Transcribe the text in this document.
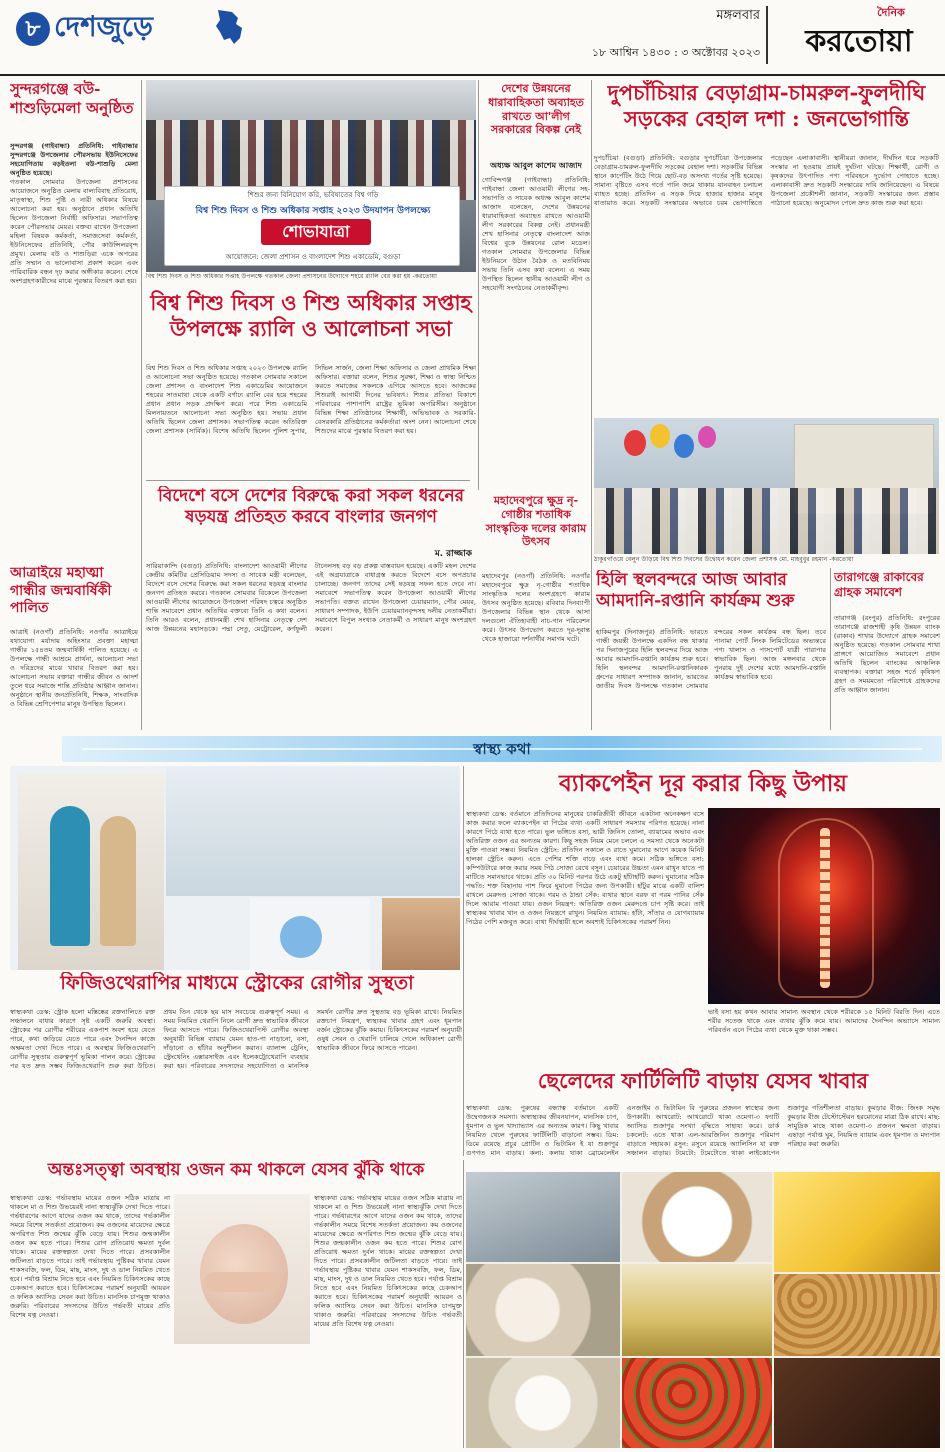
৮ দেশজুড়ে	মঙ্গলবার
১৮ আশ্বিন ১৪৩০ : ৩ অক্টোবর ২০২৩
দৈনিক
করতোয়া
সুন্দরগঞ্জে বউ-শাশুড়িমেলা অনুষ্ঠিত
সুন্দরগঞ্জ (গাইবান্ধা) প্রতিনিধি: গাইবান্ধার সুন্দরগঞ্জে উপজেলার পৌরসভায় ইউনিসেফের সহযোগিতায় বড়ইতলা বউ-শাশুড়ি মেলা অনুষ্ঠিত হয়েছে।
গতকাল সোমবার উপজেলা প্রশাসনের আয়োজনে অনুষ্ঠিত মেলায় বাল্যবিবাহ প্রতিরোধ, মাতৃস্বাস্থ্য, শিশু পুষ্টি ও নারী অধিকার বিষয়ে আলোচনা করা হয়। অনুষ্ঠানে প্রধান অতিথি ছিলেন উপজেলা নির্বাহী অফিসার। সভাপতিত্ব করেন পৌরসভার মেয়র। বক্তব্য রাখেন উপজেলা মহিলা বিষয়ক কর্মকর্তা, সমাজসেবা কর্মকর্তা, ইউনিসেফের প্রতিনিধি, পৌর কাউন্সিলরবৃন্দ প্রমুখ। মেলায় বউ ও শাশুড়িরা একে অপরের প্রতি সম্মান ও ভালোবাসা প্রকাশ করেন এবং পারিবারিক বন্ধন দৃঢ় করার অঙ্গীকার করেন। শেষে অংশগ্রহণকারীদের মাঝে পুরস্কার বিতরণ করা হয়।
আত্রাইয়ে মহাত্মা গান্ধীর জন্মবার্ষিকী পালিত
আত্রাই (নওগাঁ) প্রতিনিধি: নওগাঁর আত্রাইয়ে যথাযোগ্য মর্যাদায় অহিংসার প্রবক্তা মহাত্মা গান্ধীর ১৫৪তম জন্মবার্ষিকী পালিত হয়েছে। এ উপলক্ষে গান্ধী আশ্রমে প্রার্থনা, আলোচনা সভা ও দরিদ্রদের মাঝে খাবার বিতরণ করা হয়। আলোচনা সভায় বক্তারা গান্ধীর জীবন ও আদর্শ তুলে ধরে সমাজে শান্তি প্রতিষ্ঠার আহ্বান জানান। অনুষ্ঠানে স্থানীয় জনপ্রতিনিধি, শিক্ষক, সাংবাদিক ও বিভিন্ন শ্রেণিপেশার মানুষ উপস্থিত ছিলেন।
শিশুর জন্য বিনিয়োগ করি, ভবিষ্যতের বিশ্ব গড়ি
বিশ্ব শিশু দিবস ও শিশু অধিকার সপ্তাহ ২০২৩ উদযাপন উপলক্ষ্যে
শোভাযাত্রা
আয়োজনে: জেলা প্রশাসন ও বাংলাদেশ শিশু একাডেমি, বগুড়া
বিশ্ব শিশু দিবস ও শিশু অধিকার সপ্তাহ উপলক্ষে গতকাল জেলা প্রশাসনের উদ্যোগে শহরে র‌্যালি বের করা হয় -করতোয়া
বিশ্ব শিশু দিবস ও শিশু অধিকার সপ্তাহ উপলক্ষে র‌্যালি ও আলোচনা সভা
বিশ্ব শিশু দিবস ও শিশু অধিকার সপ্তাহ ২০২৩ উপলক্ষে র‌্যালি ও আলোচনা সভা অনুষ্ঠিত হয়েছে। গতকাল সোমবার সকালে জেলা প্রশাসন ও বাংলাদেশ শিশু একাডেমির আয়োজনে শহরের সাতমাথা থেকে একটি বর্ণাঢ্য র‌্যালি বের হয়ে শহরের প্রধান প্রধান সড়ক প্রদক্ষিণ করে। পরে শিশু একাডেমি মিলনায়তনে আলোচনা সভা অনুষ্ঠিত হয়। সভায় প্রধান অতিথি ছিলেন জেলা প্রশাসক। সভাপতিত্ব করেন অতিরিক্ত জেলা প্রশাসক (সার্বিক)। বিশেষ অতিথি ছিলেন পুলিশ সুপার, সিভিল সার্জন, জেলা শিক্ষা অফিসার ও জেলা প্রাথমিক শিক্ষা অফিসার। বক্তারা বলেন, শিশুর সুরক্ষা, শিক্ষা ও স্বাস্থ্য নিশ্চিত করতে সমাজের সকলকে এগিয়ে আসতে হবে। আজকের শিশুরাই আগামী দিনের ভবিষ্যৎ। শিশুর প্রতিভা বিকাশে পরিবারের পাশাপাশি রাষ্ট্রের ভূমিকা অপরিসীম। অনুষ্ঠানে বিভিন্ন শিক্ষা প্রতিষ্ঠানের শিক্ষার্থী, অভিভাবক ও সরকারি-বেসরকারি প্রতিষ্ঠানের কর্মকর্তারা অংশ নেন। আলোচনা শেষে শিশুদের মাঝে পুরস্কার বিতরণ করা হয়।
দেশের উন্নয়নের ধারাবাহিকতা অব্যাহত রাখতে আ'লীগ সরকারের বিকল্প নেই
অধ্যক্ষ আবুল কাশেম আজাদ
গোবিন্দগঞ্জ (গাইবান্ধা) প্রতিনিধি: গাইবান্ধা জেলা আওয়ামী লীগের সহ-সভাপতি ও সাবেক অধ্যক্ষ আবুল কাশেম আজাদ বলেছেন, দেশের উন্নয়নের ধারাবাহিকতা অব্যাহত রাখতে আওয়ামী লীগ সরকারের বিকল্প নেই। প্রধানমন্ত্রী শেখ হাসিনার নেতৃত্বে বাংলাদেশ আজ বিশ্বের বুকে উন্নয়নের রোল মডেল। গতকাল সোমবার উপজেলার বিভিন্ন ইউনিয়নে উঠান বৈঠক ও মতবিনিময় সভায় তিনি এসব কথা বলেন। এ সময় উপস্থিত ছিলেন স্থানীয় আওয়ামী লীগ ও সহযোগী সংগঠনের নেতাকর্মীবৃন্দ।
দুপচাঁচিয়ার বেড়াগ্রাম-চামরুল-ফুলদীঘি সড়কের বেহাল দশা : জনভোগান্তি
দুপচাঁচিয়া (বগুড়া) প্রতিনিধি: বগুড়ার দুপচাঁচিয়া উপজেলার বেড়াগ্রাম-চামরুল-ফুলদীঘি সড়কের বেহাল দশা। সড়কটির বিভিন্ন স্থানে কার্পেটিং উঠে গিয়ে ছোট-বড় অসংখ্য গর্তের সৃষ্টি হয়েছে। সামান্য বৃষ্টিতে এসব গর্তে পানি জমে থাকায় যানবাহন চলাচল ব্যাহত হচ্ছে। প্রতিদিন এ সড়ক দিয়ে হাজার হাজার মানুষ যাতায়াত করে। সড়কটি সংস্কারের অভাবে চরম ভোগান্তিতে পড়েছেন এলাকাবাসী। স্থানীয়রা জানান, দীর্ঘদিন ধরে সড়কটি সংস্কার না হওয়ায় প্রায়ই দুর্ঘটনা ঘটছে। শিক্ষার্থী, রোগী ও কৃষকদের উৎপাদিত পণ্য পরিবহনে দুর্ভোগ পোহাতে হচ্ছে। এলাকাবাসী দ্রুত সড়কটি সংস্কারের দাবি জানিয়েছেন। এ বিষয়ে উপজেলা প্রকৌশলী জানান, সড়কটি সংস্কারের জন্য প্রস্তাব পাঠানো হয়েছে। অনুমোদন পেলে দ্রুত কাজ শুরু করা হবে।
ঠাকুরগাঁওয়ে বেলুন উড়িয়ে বিশ্ব শিশু দিবসের উদ্বোধন করেন জেলা প্রশাসক মো. মাহবুবুর রহমান -করতোয়া
মহাদেবপুরে ক্ষুদ্র নৃ-গোষ্ঠীর শতাধিক সাংস্কৃতিক দলের কারাম উৎসব
মহাদেবপুর (নওগাঁ) প্রতিনিধি: নওগাঁর মহাদেবপুরে ক্ষুদ্র নৃ-গোষ্ঠীর শতাধিক সাংস্কৃতিক দলের অংশগ্রহণে কারাম উৎসব অনুষ্ঠিত হয়েছে। রবিবার দিনব্যাপী উপজেলার বিভিন্ন স্থান থেকে আসা দলগুলো ঐতিহ্যবাহী নাচ-গান পরিবেশন করে। উৎসব উপভোগ করতে দূর-দূরান্ত থেকে হাজারো দর্শনার্থীর সমাগম ঘটে।
বিদেশে বসে দেশের বিরুদ্ধে করা সকল ধরনের ষড়যন্ত্র প্রতিহত করবে বাংলার জনগণ
ম. রাজ্জাক
সারিয়াকান্দি (বগুড়া) প্রতিনিধি: বাংলাদেশ আওয়ামী লীগের কেন্দ্রীয় কমিটির প্রেসিডিয়াম সদস্য ও সাবেক মন্ত্রী বলেছেন, বিদেশে বসে দেশের বিরুদ্ধে করা সকল ধরনের ষড়যন্ত্র বাংলার জনগণ প্রতিহত করবে। গতকাল সোমবার বিকেলে উপজেলা আওয়ামী লীগের আয়োজনে উপজেলা পরিষদ চত্বরে অনুষ্ঠিত শান্তি সমাবেশে প্রধান অতিথির বক্তব্যে তিনি এ কথা বলেন। তিনি আরও বলেন, প্রধানমন্ত্রী শেখ হাসিনার নেতৃত্বে দেশ আজ উন্নয়নের মহাসড়কে। পদ্মা সেতু, মেট্রোরেল, কর্ণফুলী টানেলসহ বড় বড় প্রকল্প বাস্তবায়ন হয়েছে। একটি মহল দেশের এই অগ্রযাত্রাকে বাধাগ্রস্ত করতে বিদেশে বসে অপপ্রচার চালাচ্ছে। জনগণ তাদের সেই ষড়যন্ত্র সফল হতে দেবে না। সমাবেশে সভাপতিত্ব করেন উপজেলা আওয়ামী লীগের সভাপতি। বক্তব্য রাখেন উপজেলা চেয়ারম্যান, পৌর মেয়র, সাধারণ সম্পাদক, ইউপি চেয়ারম্যানবৃন্দসহ দলীয় নেতাকর্মীরা। সমাবেশে বিপুল সংখ্যক নেতাকর্মী ও সাধারণ মানুষ অংশগ্রহণ করেন।
হিলি স্থলবন্দরে আজ আবার আমদানি-রপ্তানি কার্যক্রম শুরু
হাকিমপুর (দিনাজপুর) প্রতিনিধি: ভারতে গান্ধী জয়ন্তী উপলক্ষে একদিন বন্ধ থাকার পর দিনাজপুরের হিলি স্থলবন্দর দিয়ে আজ আবার আমদানি-রপ্তানি কার্যক্রম শুরু হবে। হিলি স্থলবন্দর আমদানি-রপ্তানিকারক গ্রুপের সাধারণ সম্পাদক জানান, ভারতের জাতীয় দিবস উপলক্ষে গতকাল সোমবার বন্দরের সকল কার্যক্রম বন্ধ ছিল। তবে পানামা পোর্ট লিংক লিমিটেডের অভ্যন্তরে পণ্য খালাস ও পাসপোর্ট যাত্রী পারাপার স্বাভাবিক ছিল। আজ মঙ্গলবার থেকে পুনরায় দুই দেশের মধ্যে আমদানি-রপ্তানি কার্যক্রম স্বাভাবিক হবে।
তারাগঞ্জে রাকাবের গ্রাহক সমাবেশ
তারাগঞ্জ (রংপুর) প্রতিনিধি: রংপুরের তারাগঞ্জে রাজশাহী কৃষি উন্নয়ন ব্যাংক (রাকাব) শাখার উদ্যোগে গ্রাহক সমাবেশ অনুষ্ঠিত হয়েছে। গতকাল সোমবার শাখা প্রাঙ্গণে আয়োজিত সমাবেশে প্রধান অতিথি ছিলেন ব্যাংকের আঞ্চলিক ব্যবস্থাপক। বক্তারা সহজ শর্তে কৃষিঋণ গ্রহণ ও সময়মতো পরিশোধে গ্রাহকদের প্রতি আহ্বান জানান।
স্বাস্থ্য কথা
ব্যাকপেইন দূর করার কিছু উপায়
স্বাস্থ্যকথা ডেস্ক: বর্তমানে প্রতিদিনের মানুষের চাকরিজীবী জীবনে একটানা অনেকক্ষণ বসে কাজ করার ফলে ব্যাকপেইন বা পিঠের ব্যথা একটি সাধারণ সমস্যায় পরিণত হয়েছে। নানা কারণে পিঠে ব্যথা হতে পারে। ভুল ভঙ্গিতে বসা, ভারী জিনিস তোলা, ব্যায়ামের অভাব এবং অতিরিক্ত ওজন এর অন্যতম কারণ। কিছু সহজ নিয়ম মেনে চললে এ সমস্যা থেকে অনেকটা মুক্তি পাওয়া সম্ভব। নিয়মিত স্ট্রেচিং: প্রতিদিন সকালে ও রাতে ঘুমানোর আগে কয়েক মিনিট হালকা স্ট্রেচিং করুন। এতে পেশির শক্তি বাড়ে এবং ব্যথা কমে। সঠিক ভঙ্গিতে বসা: কম্পিউটারে কাজ করার সময় পিঠ সোজা রেখে বসুন। চেয়ারের উচ্চতা এমন রাখুন যাতে পা মাটিতে সমানভাবে থাকে। প্রতি ৩০ মিনিট পরপর উঠে একটু হাঁটাহাঁটি করুন। ঘুমানোর সঠিক পদ্ধতি: শক্ত বিছানায় পাশ ফিরে ঘুমানো পিঠের জন্য উপকারী। হাঁটুর মাঝে একটি বালিশ রাখলে মেরুদণ্ড সোজা থাকে। গরম ও ঠান্ডা সেঁক: ব্যথার স্থানে বরফ বা গরম পানির সেঁক দিলে আরাম পাওয়া যায়। ওজন নিয়ন্ত্রণ: অতিরিক্ত ওজন মেরুদণ্ডে চাপ সৃষ্টি করে। তাই স্বাস্থ্যকর খাবার খান ও ওজন নিয়ন্ত্রণে রাখুন। নিয়মিত ব্যায়াম: হাঁটা, সাঁতার ও যোগব্যায়াম পিঠের পেশি মজবুত করে। ব্যথা দীর্ঘস্থায়ী হলে অবশ্যই চিকিৎসকের পরামর্শ নিন।
ভাই বসা হয় কখন আবার সামান্য অবস্থান থেকে শরীরকে ১৫ মিনিট বিরতি দিন। এতে শরীর সতেজ থাকে এবং ব্যথার ঝুঁকি কমে যায়। আমাদের দৈনন্দিন অভ্যাসে সামান্য পরিবর্তন এনে পিঠের ব্যথা থেকে মুক্ত থাকা সম্ভব।
ফিজিওথেরাপির মাধ্যমে স্ট্রোকের রোগীর সুস্থতা
স্বাস্থ্যকথা ডেস্ক: স্ট্রোক হলো মস্তিষ্কের রক্তনালিতে রক্ত সঞ্চালনে বাধার কারণে সৃষ্ট একটি জরুরি অবস্থা। স্ট্রোকের পর রোগীর শরীরের একপাশ অবশ হয়ে যেতে পারে, কথা জড়িয়ে যেতে পারে এবং দৈনন্দিন কাজে অক্ষমতা দেখা দিতে পারে। এ অবস্থায় ফিজিওথেরাপি রোগীর সুস্থতায় গুরুত্বপূর্ণ ভূমিকা পালন করে। স্ট্রোকের পর যত দ্রুত সম্ভব ফিজিওথেরাপি শুরু করা উচিত। প্রথম তিন থেকে ছয় মাস সবচেয়ে গুরুত্বপূর্ণ সময়। এ সময় নিয়মিত থেরাপি নিলে রোগী দ্রুত স্বাভাবিক জীবনে ফিরে আসতে পারে। ফিজিওথেরাপিস্ট রোগীর অবস্থা অনুযায়ী বিভিন্ন ব্যায়াম যেমন হাত-পা নাড়ানো, বসা, দাঁড়ানো ও হাঁটার অনুশীলন করান। ব্যালান্স ট্রেনিং, স্ট্রেংথেনিং এক্সারসাইজ এবং ইলেকট্রোথেরাপি ব্যবহার করা হয়। পরিবারের সদস্যদের সহযোগিতা ও মানসিক সমর্থন রোগীর দ্রুত সুস্থতায় বড় ভূমিকা রাখে। নিয়মিত রক্তচাপ নিয়ন্ত্রণ, স্বাস্থ্যকর খাবার গ্রহণ এবং ধূমপান বর্জন স্ট্রোকের ঝুঁকি কমায়। চিকিৎসকের পরামর্শ অনুযায়ী ওষুধ সেবন ও থেরাপি চালিয়ে গেলে অধিকাংশ রোগী স্বাভাবিক জীবনে ফিরে আসতে পারেন।
ছেলেদের ফার্টিলিটি বাড়ায় যেসব খাবার
স্বাস্থ্যকথা ডেস্ক: পুরুষের বন্ধ্যাত্ব বর্তমানে একটি উদ্বেগজনক সমস্যা। অস্বাস্থ্যকর জীবনযাপন, মানসিক চাপ, ধূমপান ও ভুল খাদ্যাভ্যাস এর অন্যতম কারণ। কিছু খাবার নিয়মিত খেলে পুরুষের ফার্টিলিটি বাড়ানো সম্ভব। ডিম: ডিমে রয়েছে প্রচুর প্রোটিন ও ভিটামিন ই যা শুক্রাণুর গুণগত মান বাড়ায়। কলা: কলায় থাকা ব্রোমেলেইন এনজাইম ও ভিটামিন বি পুরুষের প্রজনন স্বাস্থ্যের জন্য উপকারী। আখরোট: আখরোটে থাকা ওমেগা-৩ ফ্যাটি অ্যাসিড শুক্রাণুর সংখ্যা বৃদ্ধিতে সাহায্য করে। ডার্ক চকলেট: এতে থাকা এল-আরজিনিন শুক্রাণুর পরিমাণ বাড়াতে সহায়ক। রসুন: রসুনে রয়েছে অ্যালিসিন যা রক্ত সঞ্চালন বাড়ায়। টমেটো: টমেটোতে থাকা লাইকোপেন শুক্রাণুর গতিশীলতা বাড়ায়। কুমড়ার বীজ: জিংক সমৃদ্ধ কুমড়ার বীজ টেস্টোস্টেরন হরমোনের মাত্রা ঠিক রাখে। মাছ: সামুদ্রিক মাছে থাকা ওমেগা-৩ প্রজনন ক্ষমতা বাড়ায়। এছাড়া পর্যাপ্ত ঘুম, নিয়মিত ব্যায়াম এবং ধূমপান ও মদ্যপান পরিহার করা জরুরি।
অন্তঃসত্ত্বা অবস্থায় ওজন কম থাকলে যেসব ঝুঁকি থাকে
স্বাস্থ্যকথা ডেস্ক: গর্ভাবস্থায় মায়ের ওজন সঠিক মাত্রায় না থাকলে মা ও শিশু উভয়েরই নানা স্বাস্থ্যঝুঁকি দেখা দিতে পারে। গর্ভধারণের আগে যাদের ওজন কম থাকে, তাদের গর্ভকালীন সময়ে বিশেষ সতর্কতা প্রয়োজন। কম ওজনের মায়েদের ক্ষেত্রে অপরিণত শিশু জন্মের ঝুঁকি বেড়ে যায়। শিশুর জন্মকালীন ওজন কম হতে পারে। শিশুর রোগ প্রতিরোধ ক্ষমতা দুর্বল থাকে। মায়ের রক্তস্বল্পতা দেখা দিতে পারে। প্রসবকালীন জটিলতা বাড়তে পারে। তাই গর্ভাবস্থায় পুষ্টিকর খাবার যেমন শাকসবজি, ফল, ডিম, মাছ, মাংস, দুধ ও ডাল নিয়মিত খেতে হবে। পর্যাপ্ত বিশ্রাম নিতে হবে এবং নিয়মিত চিকিৎসকের কাছে চেকআপ করাতে হবে। চিকিৎসকের পরামর্শ অনুযায়ী আয়রন ও ফলিক অ্যাসিড সেবন করা উচিত। মানসিক চাপমুক্ত থাকাও জরুরি। পরিবারের সদস্যদের উচিত গর্ভবতী মায়ের প্রতি বিশেষ যত্ন নেওয়া।
স্বাস্থ্যকথা ডেস্ক: গর্ভাবস্থায় মায়ের ওজন সঠিক মাত্রায় না থাকলে মা ও শিশু উভয়েরই নানা স্বাস্থ্যঝুঁকি দেখা দিতে পারে। গর্ভধারণের আগে যাদের ওজন কম থাকে, তাদের গর্ভকালীন সময়ে বিশেষ সতর্কতা প্রয়োজন। কম ওজনের মায়েদের ক্ষেত্রে অপরিণত শিশু জন্মের ঝুঁকি বেড়ে যায়। শিশুর জন্মকালীন ওজন কম হতে পারে। শিশুর রোগ প্রতিরোধ ক্ষমতা দুর্বল থাকে। মায়ের রক্তস্বল্পতা দেখা দিতে পারে। প্রসবকালীন জটিলতা বাড়তে পারে। তাই গর্ভাবস্থায় পুষ্টিকর খাবার যেমন শাকসবজি, ফল, ডিম, মাছ, মাংস, দুধ ও ডাল নিয়মিত খেতে হবে। পর্যাপ্ত বিশ্রাম নিতে হবে এবং নিয়মিত চিকিৎসকের কাছে চেকআপ করাতে হবে। চিকিৎসকের পরামর্শ অনুযায়ী আয়রন ও ফলিক অ্যাসিড সেবন করা উচিত। মানসিক চাপমুক্ত থাকাও জরুরি। পরিবারের সদস্যদের উচিত গর্ভবতী মায়ের প্রতি বিশেষ যত্ন নেওয়া।
